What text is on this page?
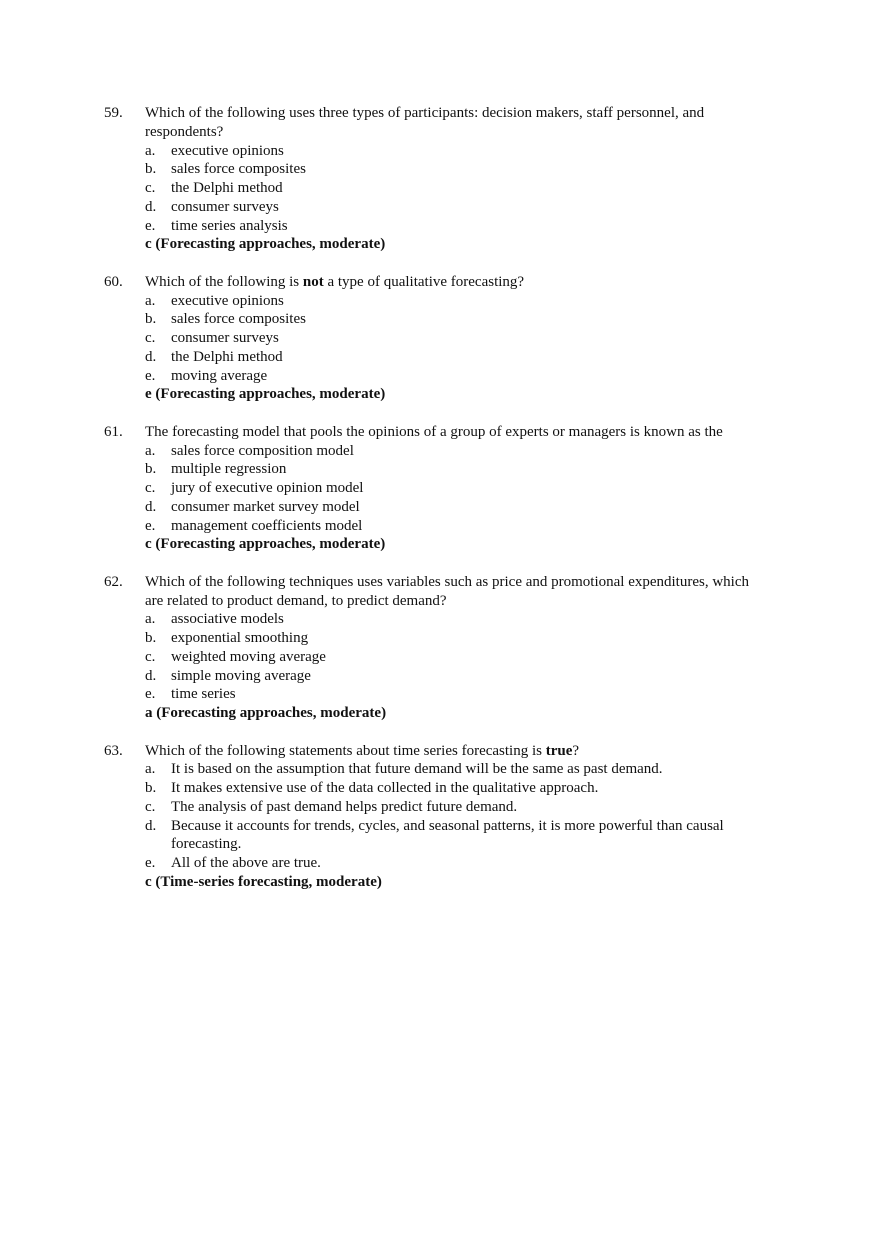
59. Which of the following uses three types of participants: decision makers, staff personnel, and respondents?
a. executive opinions
b. sales force composites
c. the Delphi method
d. consumer surveys
e. time series analysis
c (Forecasting approaches, moderate)
60. Which of the following is not a type of qualitative forecasting?
a. executive opinions
b. sales force composites
c. consumer surveys
d. the Delphi method
e. moving average
e (Forecasting approaches, moderate)
61. The forecasting model that pools the opinions of a group of experts or managers is known as the
a. sales force composition model
b. multiple regression
c. jury of executive opinion model
d. consumer market survey model
e. management coefficients model
c (Forecasting approaches, moderate)
62. Which of the following techniques uses variables such as price and promotional expenditures, which are related to product demand, to predict demand?
a. associative models
b. exponential smoothing
c. weighted moving average
d. simple moving average
e. time series
a (Forecasting approaches, moderate)
63. Which of the following statements about time series forecasting is true?
a. It is based on the assumption that future demand will be the same as past demand.
b. It makes extensive use of the data collected in the qualitative approach.
c. The analysis of past demand helps predict future demand.
d. Because it accounts for trends, cycles, and seasonal patterns, it is more powerful than causal forecasting.
e. All of the above are true.
c (Time-series forecasting, moderate)
